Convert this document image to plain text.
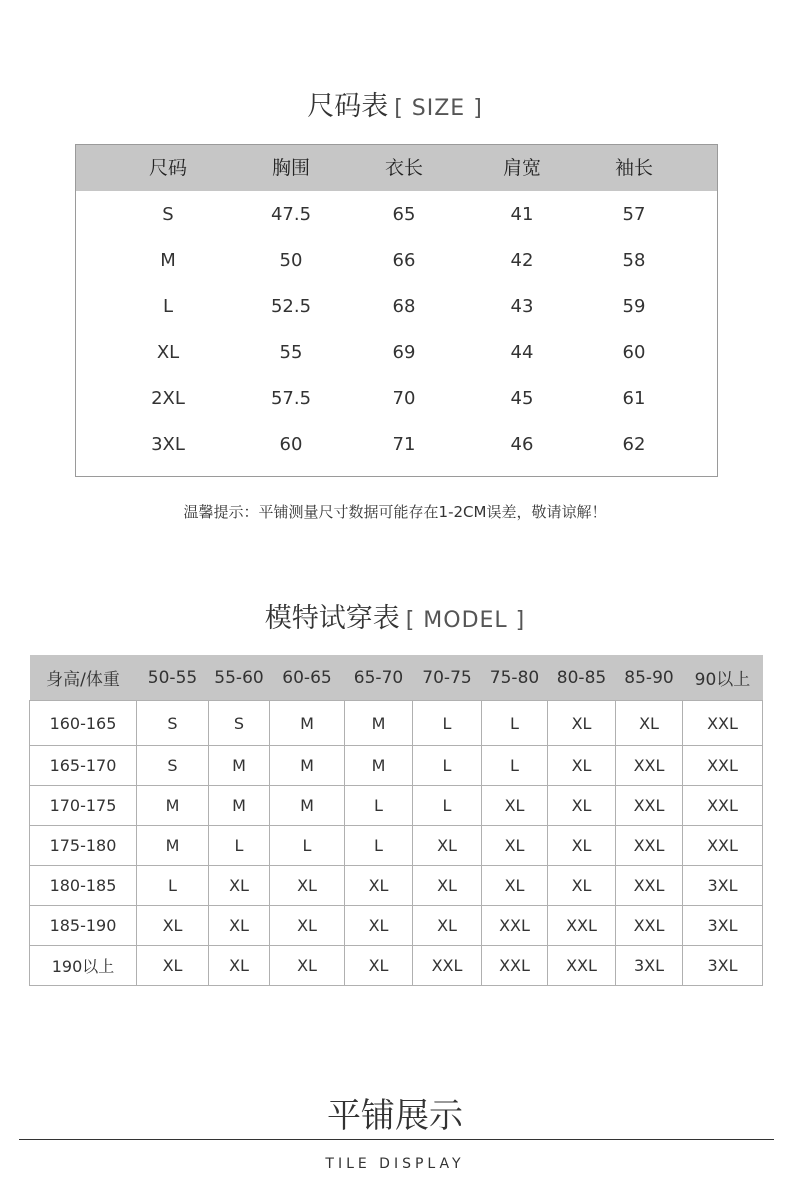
尺码表 [ SIZE ]
尺码	胸围	衣长	肩宽	袖长
S	47.5	65	41	57
M	50	66	42	58
L	52.5	68	43	59
XL	55	69	44	60
2XL	57.5	70	45	61
3XL	60	71	46	62
温馨提示：平铺测量尺寸数据可能存在1-2CM误差，敬请谅解！
模特试穿表 [ MODEL ]
身高/体重	50-55	55-60	60-65	65-70	70-75	75-80	80-85	85-90	90以上
160-165	S	S	M	M	L	L	XL	XL	XXL
165-170	S	M	M	M	L	L	XL	XXL	XXL
170-175	M	M	M	L	L	XL	XL	XXL	XXL
175-180	M	L	L	L	XL	XL	XL	XXL	XXL
180-185	L	XL	XL	XL	XL	XL	XL	XXL	3XL
185-190	XL	XL	XL	XL	XL	XXL	XXL	XXL	3XL
190以上	XL	XL	XL	XL	XXL	XXL	XXL	3XL	3XL
平铺展示
TILE DISPLAY
